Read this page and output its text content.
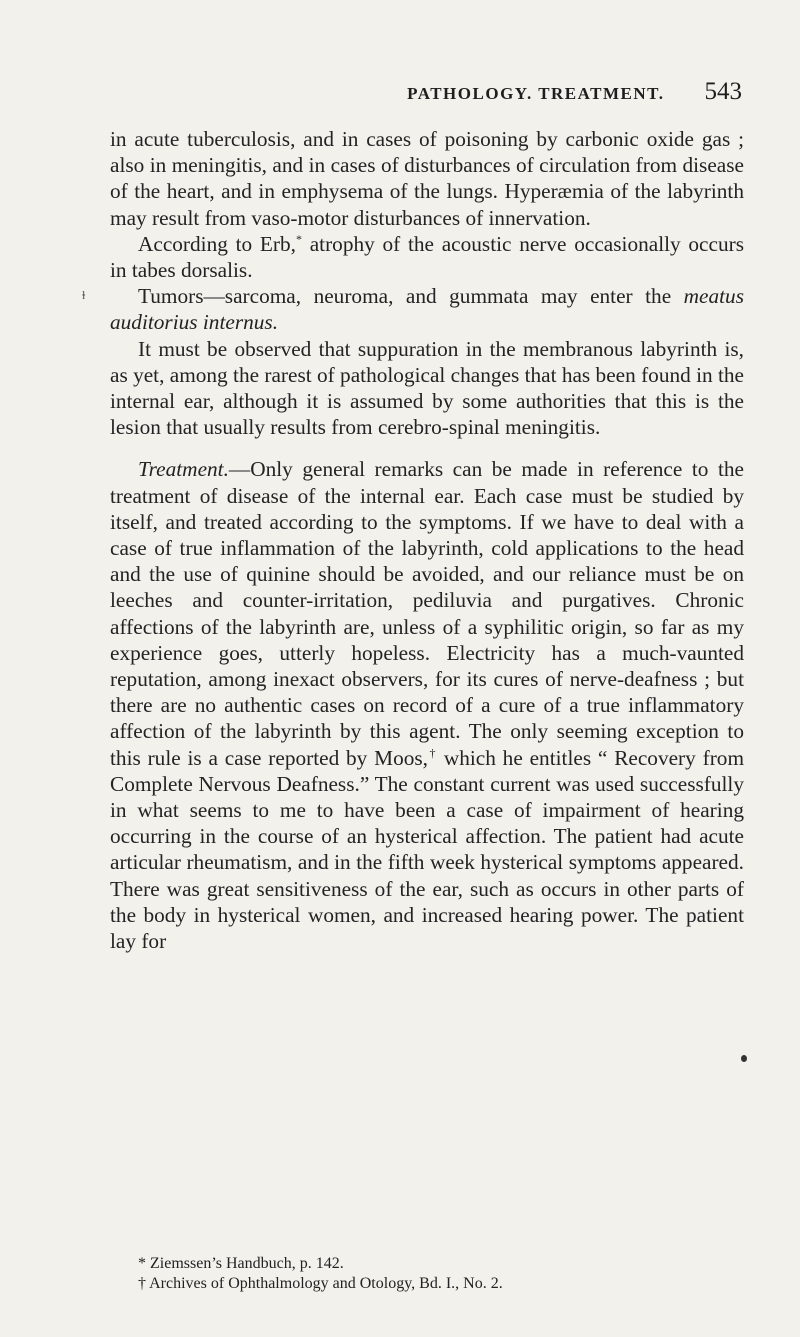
PATHOLOGY. TREATMENT. 543
ⱡ

in acute tuberculosis, and in cases of poisoning by carbonic oxide gas ; also in meningitis, and in cases of disturbances of circulation from disease of the heart, and in emphysema of the lungs. Hyperæmia of the labyrinth may result from vaso-motor disturbances of innervation.

According to Erb,* atrophy of the acoustic nerve occasionally occurs in tabes dorsalis.

Tumors—sarcoma, neuroma, and gummata may enter the meatus auditorius internus.

It must be observed that suppuration in the membranous labyrinth is, as yet, among the rarest of pathological changes that has been found in the internal ear, although it is assumed by some authorities that this is the lesion that usually results from cerebro-spinal meningitis.

Treatment.—Only general remarks can be made in reference to the treatment of disease of the internal ear. Each case must be studied by itself, and treated according to the symptoms. If we have to deal with a case of true inflammation of the labyrinth, cold applications to the head and the use of quinine should be avoided, and our reliance must be on leeches and counter-irritation, pediluvia and purgatives. Chronic affections of the labyrinth are, unless of a syphilitic origin, so far as my experience goes, utterly hopeless. Electricity has a much-vaunted reputation, among inexact observers, for its cures of nerve-deafness ; but there are no authentic cases on record of a cure of a true inflammatory affection of the labyrinth by this agent. The only seeming exception to this rule is a case reported by Moos,† which he entitles “ Recovery from Complete Nervous Deafness.” The constant current was used successfully in what seems to me to have been a case of impairment of hearing occurring in the course of an hysterical affection. The patient had acute articular rheumatism, and in the fifth week hysterical symptoms appeared. There was great sensitiveness of the ear, such as occurs in other parts of the body in hysterical women, and increased hearing power. The patient lay for

* Ziemssen’s Handbuch, p. 142.

† Archives of Ophthalmology and Otology, Bd. I., No. 2.
